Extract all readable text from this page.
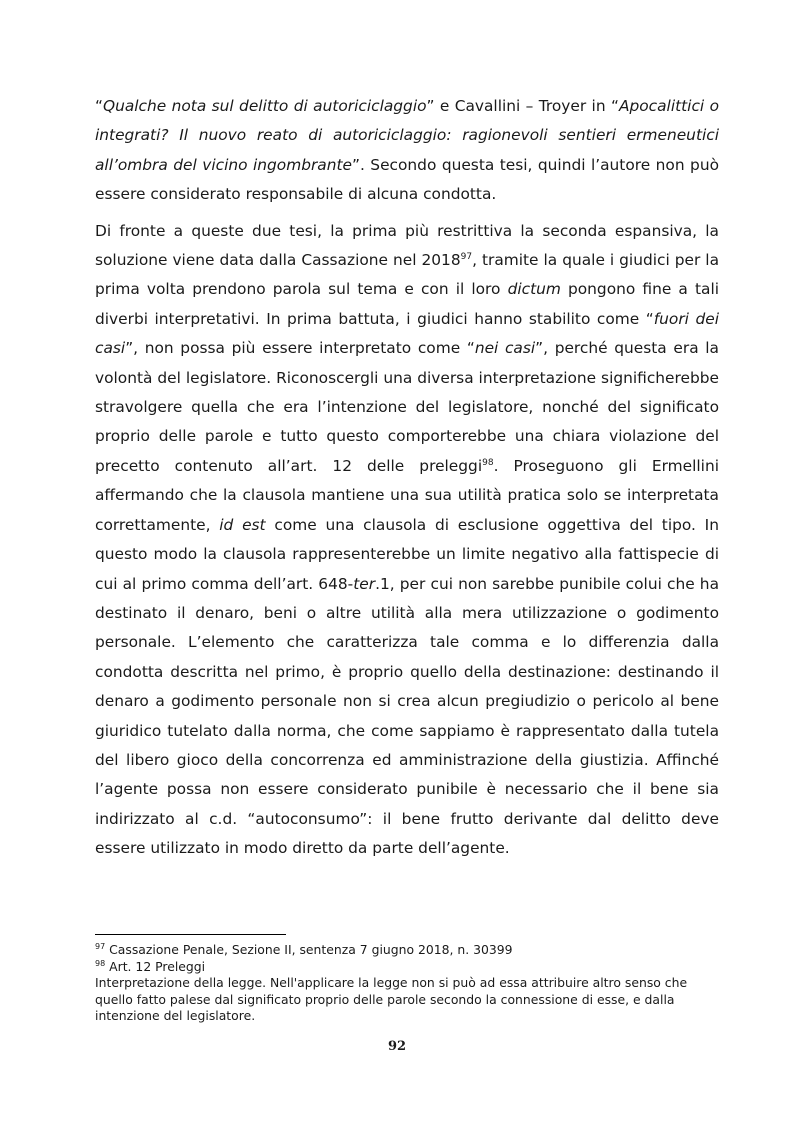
“Qualche nota sul delitto di autoriciclaggio” e Cavallini – Troyer in “Apocalittici o integrati? Il nuovo reato di autoriciclaggio: ragionevoli sentieri ermeneutici all’ombra del vicino ingombrante”. Secondo questa tesi, quindi l’autore non può essere considerato responsabile di alcuna condotta.

Di fronte a queste due tesi, la prima più restrittiva la seconda espansiva, la soluzione viene data dalla Cassazione nel 2018$^{97}$, tramite la quale i giudici per la prima volta prendono parola sul tema e con il loro dictum pongono fine a tali diverbi interpretativi. In prima battuta, i giudici hanno stabilito come “fuori dei casi”, non possa più essere interpretato come “nei casi”, perché questa era la volontà del legislatore. Riconoscergli una diversa interpretazione significherebbe stravolgere quella che era l’intenzione del legislatore, nonché del significato proprio delle parole e tutto questo comporterebbe una chiara violazione del precetto contenuto all’art. 12 delle preleggi$^{98}$. Proseguono gli Ermellini affermando che la clausola mantiene una sua utilità pratica solo se interpretata correttamente, id est come una clausola di esclusione oggettiva del tipo. In questo modo la clausola rappresenterebbe un limite negativo alla fattispecie di cui al primo comma dell’art. 648-ter.1, per cui non sarebbe punibile colui che ha destinato il denaro, beni o altre utilità alla mera utilizzazione o godimento personale. L’elemento che caratterizza tale comma e lo differenzia dalla condotta descritta nel primo, è proprio quello della destinazione: destinando il denaro a godimento personale non si crea alcun pregiudizio o pericolo al bene giuridico tutelato dalla norma, che come sappiamo è rappresentato dalla tutela del libero gioco della concorrenza ed amministrazione della giustizia. Affinché l’agente possa non essere considerato punibile è necessario che il bene sia indirizzato al c.d. “autoconsumo”: il bene frutto derivante dal delitto deve essere utilizzato in modo diretto da parte dell’agente.

$^{97}$ Cassazione Penale, Sezione II, sentenza 7 giugno 2018, n. 30399

$^{98}$ Art. 12 Preleggi

Interpretazione della legge. Nell'applicare la legge non si può ad essa attribuire altro senso che quello fatto palese dal significato proprio delle parole secondo la connessione di esse, e dalla intenzione del legislatore.

92
